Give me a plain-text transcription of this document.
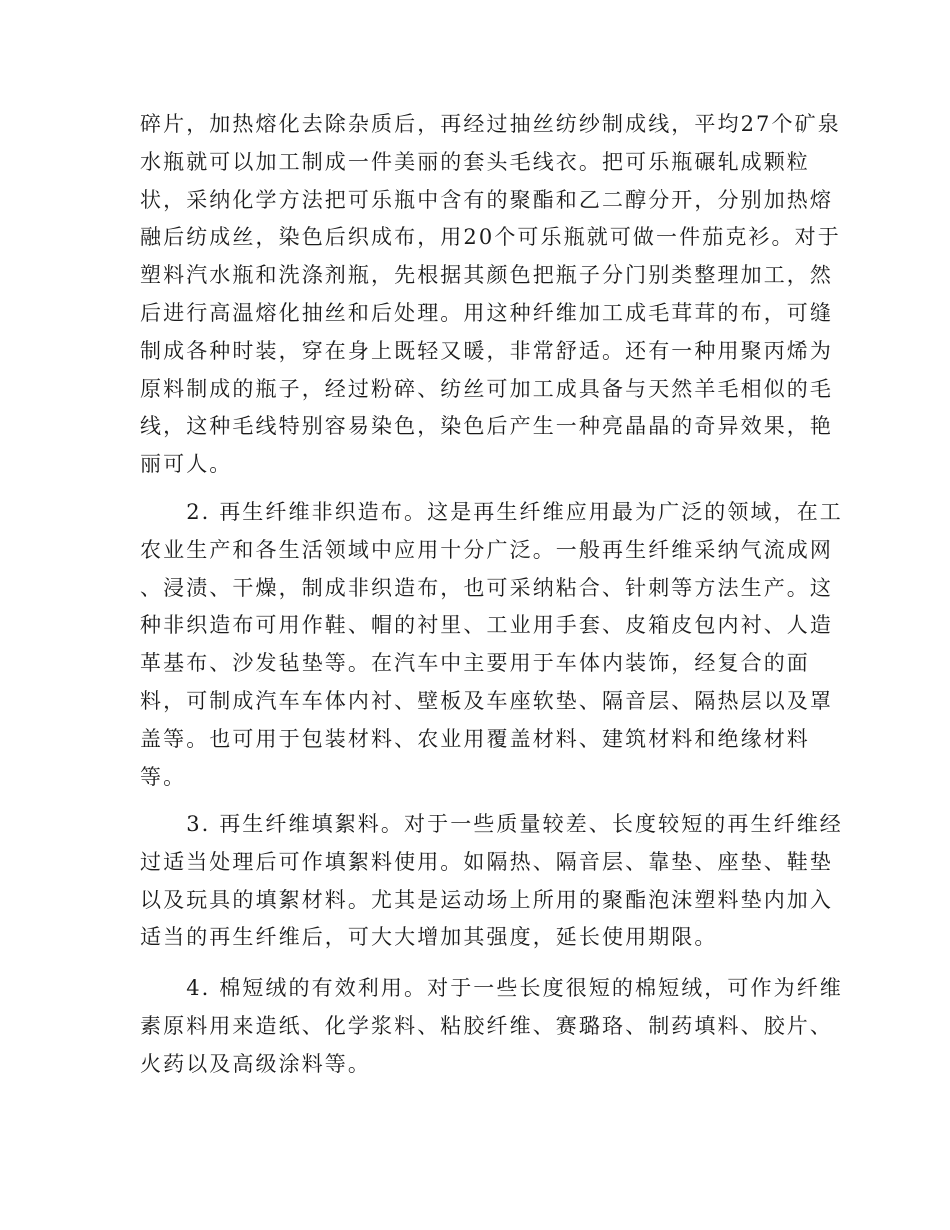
碎片，加热熔化去除杂质后，再经过抽丝纺纱制成线，平均27个矿泉
水瓶就可以加工制成一件美丽的套头毛线衣。把可乐瓶碾轧成颗粒
状，采纳化学方法把可乐瓶中含有的聚酯和乙二醇分开，分别加热熔
融后纺成丝，染色后织成布，用20个可乐瓶就可做一件茄克衫。对于
塑料汽水瓶和洗涤剂瓶，先根据其颜色把瓶子分门别类整理加工，然
后进行高温熔化抽丝和后处理。用这种纤维加工成毛茸茸的布，可缝
制成各种时装，穿在身上既轻又暖，非常舒适。还有一种用聚丙烯为
原料制成的瓶子，经过粉碎、纺丝可加工成具备与天然羊毛相似的毛
线，这种毛线特别容易染色，染色后产生一种亮晶晶的奇异效果，艳
丽可人。
　　2. 再生纤维非织造布。这是再生纤维应用最为广泛的领域，在工
农业生产和各生活领域中应用十分广泛。一般再生纤维采纳气流成网
、浸渍、干燥，制成非织造布，也可采纳粘合、针刺等方法生产。这
种非织造布可用作鞋、帽的衬里、工业用手套、皮箱皮包内衬、人造
革基布、沙发毡垫等。在汽车中主要用于车体内装饰，经复合的面
料，可制成汽车车体内衬、壁板及车座软垫、隔音层、隔热层以及罩
盖等。也可用于包装材料、农业用覆盖材料、建筑材料和绝缘材料
等。
　　3. 再生纤维填絮料。对于一些质量较差、长度较短的再生纤维经
过适当处理后可作填絮料使用。如隔热、隔音层、靠垫、座垫、鞋垫
以及玩具的填絮材料。尤其是运动场上所用的聚酯泡沫塑料垫内加入
适当的再生纤维后，可大大增加其强度，延长使用期限。
　　4. 棉短绒的有效利用。对于一些长度很短的棉短绒，可作为纤维
素原料用来造纸、化学浆料、粘胶纤维、赛璐珞、制药填料、胶片、
火药以及高级涂料等。
